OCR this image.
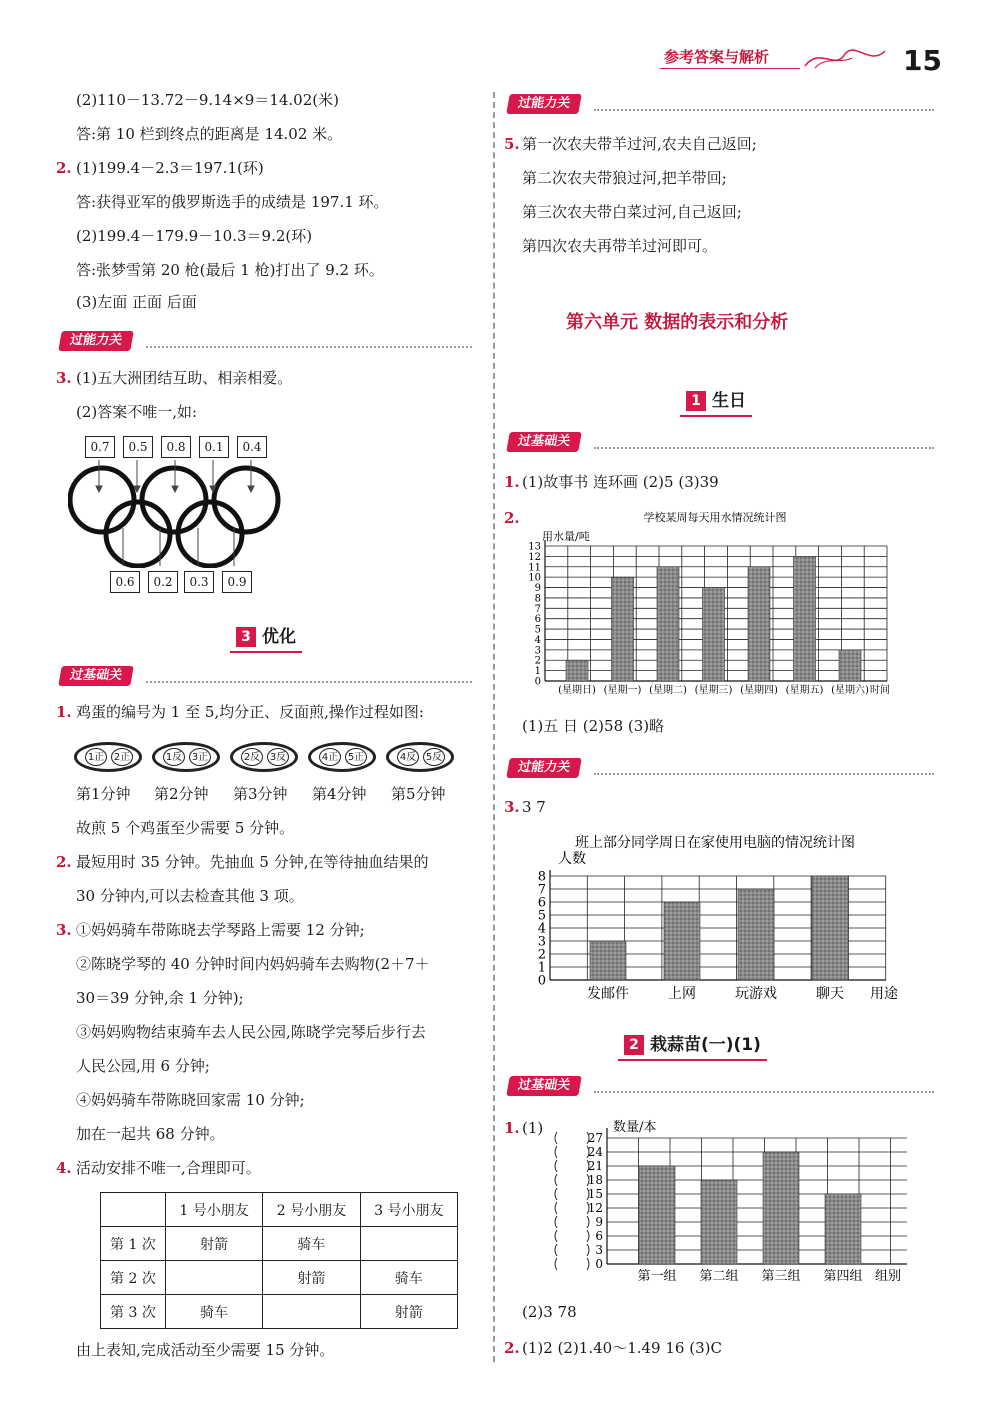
参考答案与解析	15
(2)110－13.72－9.14×9＝14.02(米)
答:第 10 栏到终点的距离是 14.02 米。
2. (1)199.4－2.3＝197.1(环)
答:获得亚军的俄罗斯选手的成绩是 197.1 环。
(2)199.4－179.9－10.3＝9.2(环)
答:张梦雪第 20 枪(最后 1 枪)打出了 9.2 环。
(3)左面 正面 后面
过能力关
3. (1)五大洲团结互助、相亲相爱。
(2)答案不唯一,如:
0.7	0.5	0.8	0.1	0.4
0.6	0.2	0.3	0.9
3 优化
过基础关
1. 鸡蛋的编号为 1 至 5,均分正、反面煎,操作过程如图:
1正 2正	1反 3正	2反 3反	4正 5正	4反 5反
第1分钟 第2分钟 第3分钟 第4分钟 第5分钟
故煎 5 个鸡蛋至少需要 5 分钟。
2. 最短用时 35 分钟。先抽血 5 分钟,在等待抽血结果的
30 分钟内,可以去检查其他 3 项。
3. ①妈妈骑车带陈晓去学琴路上需要 12 分钟;
②陈晓学琴的 40 分钟时间内妈妈骑车去购物(2＋7＋
30＝39 分钟,余 1 分钟);
③妈妈购物结束骑车去人民公园,陈晓学完琴后步行去
人民公园,用 6 分钟;
④妈妈骑车带陈晓回家需 10 分钟;
加在一起共 68 分钟。
4. 活动安排不唯一,合理即可。
	1 号小朋友	2 号小朋友	3 号小朋友
第 1 次	射箭	骑车	
第 2 次		射箭	骑车
第 3 次	骑车		射箭
由上表知,完成活动至少需要 15 分钟。
过能力关
5. 第一次农夫带羊过河,农夫自己返回;
第二次农夫带狼过河,把羊带回;
第三次农夫带白菜过河,自己返回;
第四次农夫再带羊过河即可。
第六单元 数据的表示和分析
1 生日
过基础关
1. (1)故事书 连环画 (2)5 (3)39
2.	学校某周每天用水情况统计图
用水量/吨
0
1
2
3
4
5
6
7
8
9
10
11
12
13
(星期日) (星期一) (星期二) (星期三) (星期四) (星期五) (星期六) 时间
(1)五 日 (2)58 (3)略
过能力关
3. 3 7
班上部分同学周日在家使用电脑的情况统计图
人数
0
1
2
3
4
5
6
7
8
发邮件	上网	玩游戏	聊天 用途
2 栽蒜苗(一)(1)
过基础关
1. (1)	数量/本
0
3
6
9
12
15
18
21
24
27
第一组 第二组 第三组 第四组 组别
(2)3 78
2. (1)2 (2)1.40～1.49 16 (3)C
